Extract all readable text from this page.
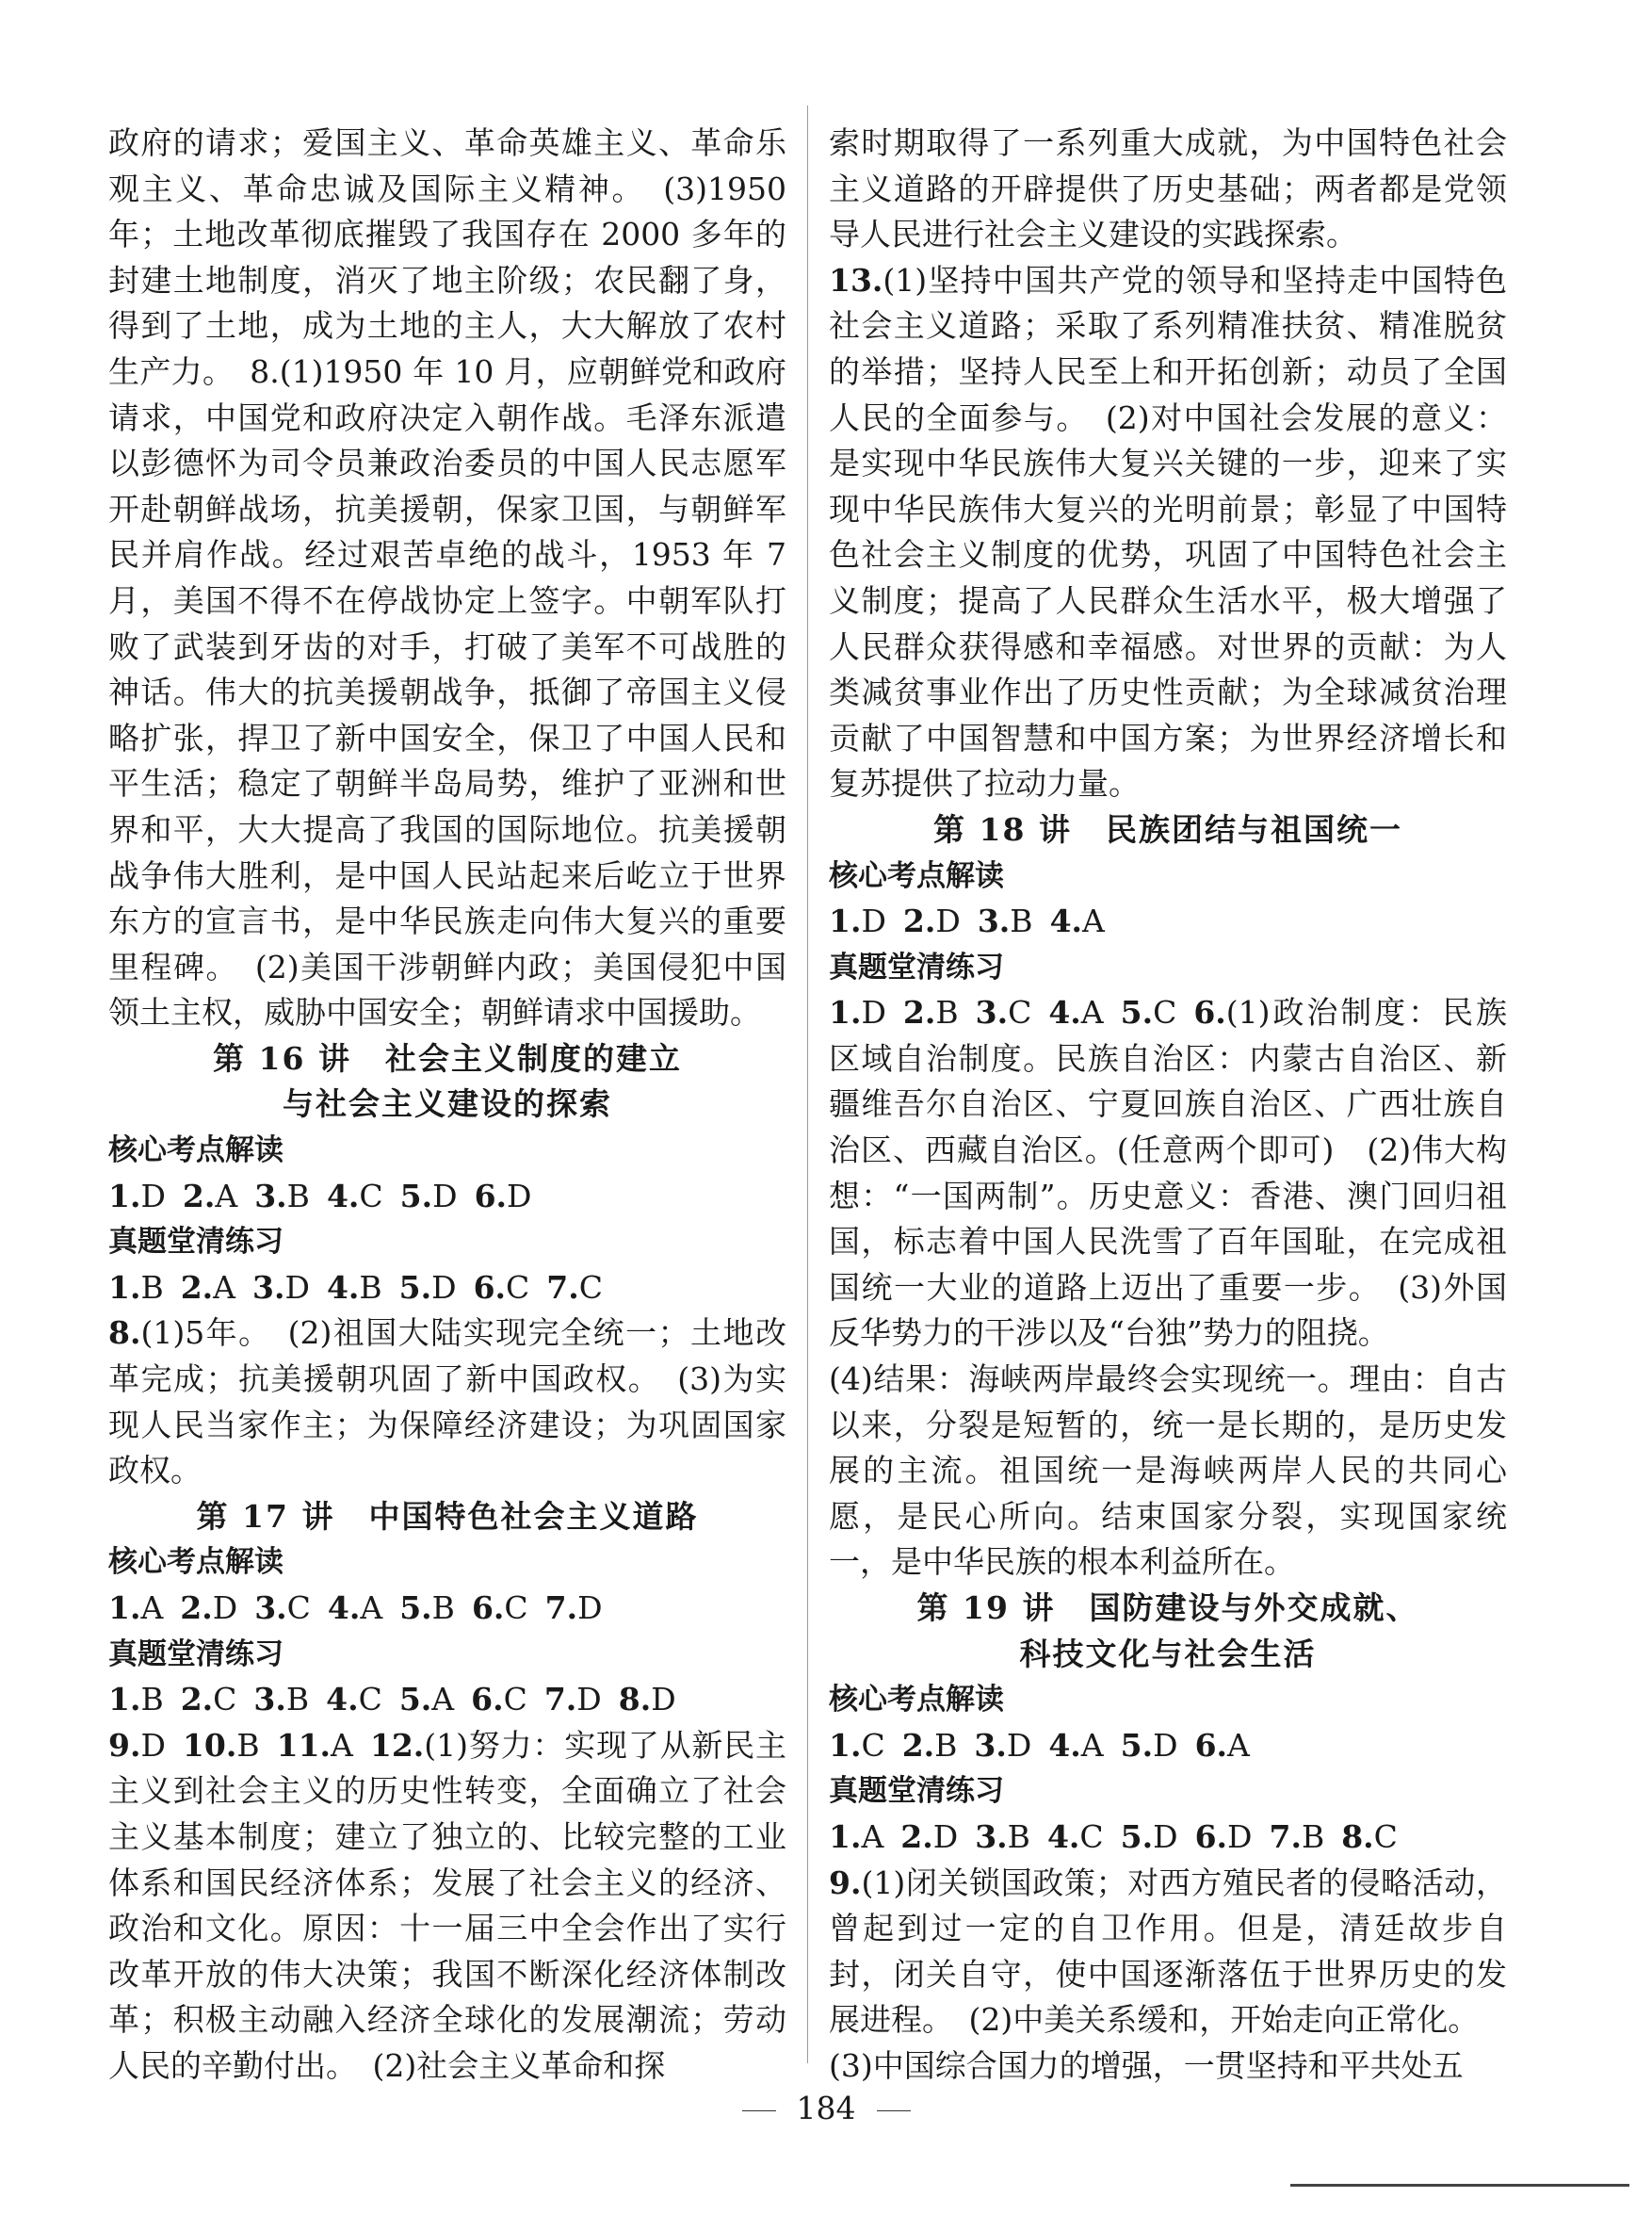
政府的请求；爱国主义、革命英雄主义、革命乐观主义、革命忠诚及国际主义精神。　(3)1950年；土地改革彻底摧毁了我国存在 2000 多年的封建土地制度，消灭了地主阶级；农民翻了身，得到了土地，成为土地的主人，大大解放了农村生产力。　8.(1)1950 年 10 月，应朝鲜党和政府请求，中国党和政府决定入朝作战。毛泽东派遣以彭德怀为司令员兼政治委员的中国人民志愿军开赴朝鲜战场，抗美援朝，保家卫国，与朝鲜军民并肩作战。经过艰苦卓绝的战斗，1953 年 7 月，美国不得不在停战协定上签字。中朝军队打败了武装到牙齿的对手，打破了美军不可战胜的神话。伟大的抗美援朝战争，抵御了帝国主义侵略扩张，捍卫了新中国安全，保卫了中国人民和平生活；稳定了朝鲜半岛局势，维护了亚洲和世界和平，大大提高了我国的国际地位。抗美援朝战争伟大胜利，是中国人民站起来后屹立于世界东方的宣言书，是中华民族走向伟大复兴的重要里程碑。　(2)美国干涉朝鲜内政；美国侵犯中国领土主权，威胁中国安全；朝鲜请求中国援助。

第 16 讲 社会主义制度的建立

与社会主义建设的探索

核心考点解读

1.D 2.A 3.B 4.C 5.D 6.D

真题堂清练习

1.B 2.A 3.D 4.B 5.D 6.C 7.C

8.(1)5年。　(2)祖国大陆实现完全统一；土地改革完成；抗美援朝巩固了新中国政权。　(3)为实现人民当家作主；为保障经济建设；为巩固国家政权。

第 17 讲 中国特色社会主义道路

核心考点解读

1.A 2.D 3.C 4.A 5.B 6.C 7.D

真题堂清练习

1.B 2.C 3.B 4.C 5.A 6.C 7.D 8.D

9.D 10.B 11.A 12.(1)努力：实现了从新民主主义到社会主义的历史性转变，全面确立了社会主义基本制度；建立了独立的、比较完整的工业体系和国民经济体系；发展了社会主义的经济、政治和文化。原因：十一届三中全会作出了实行改革开放的伟大决策；我国不断深化经济体制改革；积极主动融入经济全球化的发展潮流；劳动人民的辛勤付出。　(2)社会主义革命和探

索时期取得了一系列重大成就，为中国特色社会主义道路的开辟提供了历史基础；两者都是党领导人民进行社会主义建设的实践探索。

13.(1)坚持中国共产党的领导和坚持走中国特色社会主义道路；采取了系列精准扶贫、精准脱贫的举措；坚持人民至上和开拓创新；动员了全国人民的全面参与。　(2)对中国社会发展的意义：是实现中华民族伟大复兴关键的一步，迎来了实现中华民族伟大复兴的光明前景；彰显了中国特色社会主义制度的优势，巩固了中国特色社会主义制度；提高了人民群众生活水平，极大增强了人民群众获得感和幸福感。对世界的贡献：为人类减贫事业作出了历史性贡献；为全球减贫治理贡献了中国智慧和中国方案；为世界经济增长和复苏提供了拉动力量。

第 18 讲 民族团结与祖国统一

核心考点解读

1.D 2.D 3.B 4.A

真题堂清练习

1.D 2.B 3.C 4.A 5.C 6.(1)政治制度：民族区域自治制度。民族自治区：内蒙古自治区、新疆维吾尔自治区、宁夏回族自治区、广西壮族自治区、西藏自治区。(任意两个即可)　(2)伟大构想：“一国两制”。历史意义：香港、澳门回归祖国，标志着中国人民洗雪了百年国耻，在完成祖国统一大业的道路上迈出了重要一步。　(3)外国反华势力的干涉以及“台独”势力的阻挠。

(4)结果：海峡两岸最终会实现统一。理由：自古以来，分裂是短暂的，统一是长期的，是历史发展的主流。祖国统一是海峡两岸人民的共同心愿，是民心所向。结束国家分裂，实现国家统一，是中华民族的根本利益所在。

第 19 讲 国防建设与外交成就、

科技文化与社会生活

核心考点解读

1.C 2.B 3.D 4.A 5.D 6.A

真题堂清练习

1.A 2.D 3.B 4.C 5.D 6.D 7.B 8.C

9.(1)闭关锁国政策；对西方殖民者的侵略活动，曾起到过一定的自卫作用。但是，清廷故步自封，闭关自守，使中国逐渐落伍于世界历史的发展进程。　(2)中美关系缓和，开始走向正常化。

(3)中国综合国力的增强，一贯坚持和平共处五

184
